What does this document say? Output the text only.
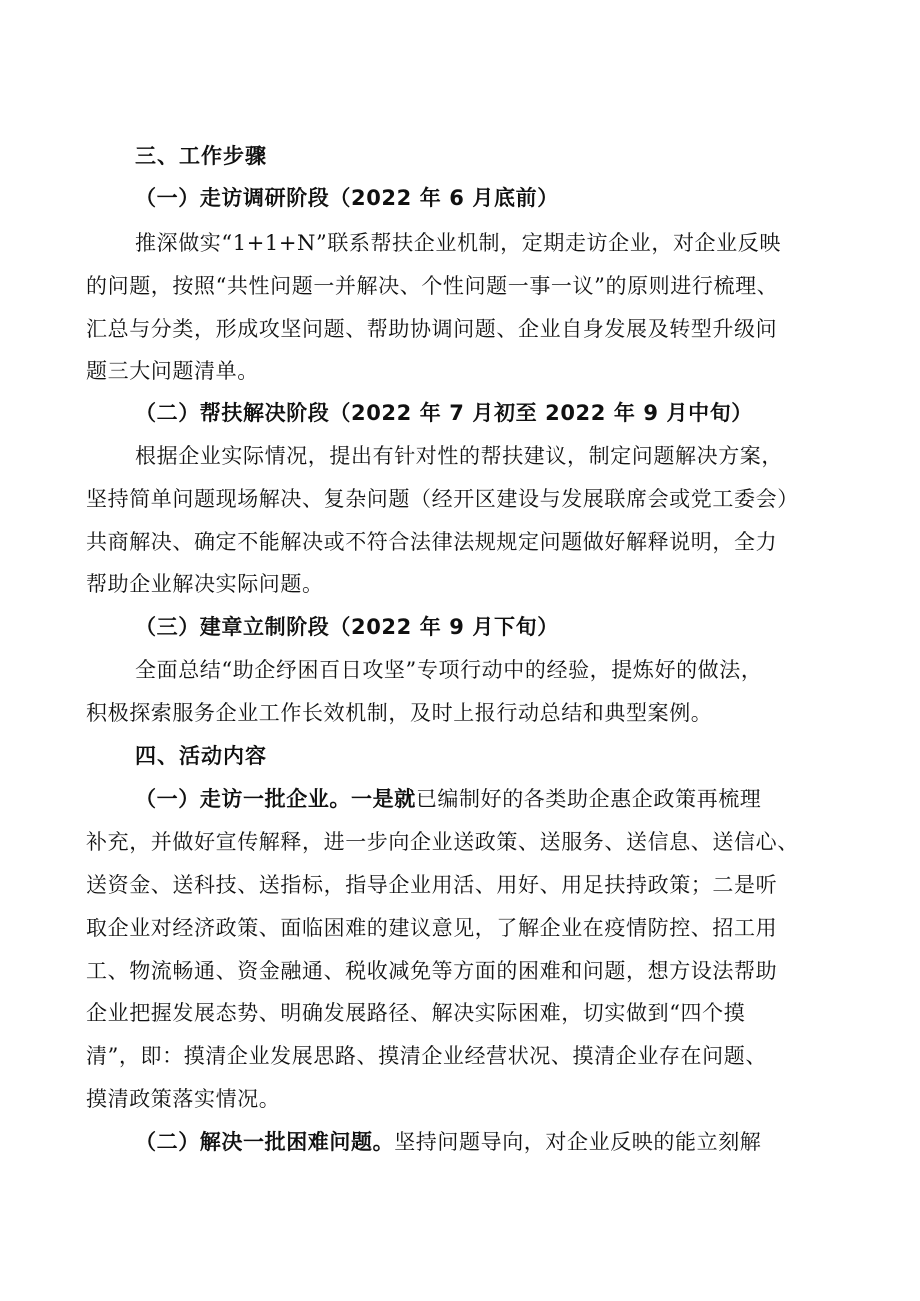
三、工作步骤
（一）走访调研阶段（2022 年 6 月底前）
推深做实“1+1+N”联系帮扶企业机制，定期走访企业，对企业反映
的问题，按照“共性问题一并解决、个性问题一事一议”的原则进行梳理、
汇总与分类，形成攻坚问题、帮助协调问题、企业自身发展及转型升级问
题三大问题清单。
（二）帮扶解决阶段（2022 年 7 月初至 2022 年 9 月中旬）
根据企业实际情况，提出有针对性的帮扶建议，制定问题解决方案，
坚持简单问题现场解决、复杂问题（经开区建设与发展联席会或党工委会）
共商解决、确定不能解决或不符合法律法规规定问题做好解释说明，全力
帮助企业解决实际问题。
（三）建章立制阶段（2022 年 9 月下旬）
全面总结“助企纾困百日攻坚”专项行动中的经验，提炼好的做法，
积极探索服务企业工作长效机制，及时上报行动总结和典型案例。
四、活动内容
（一）走访一批企业。一是就已编制好的各类助企惠企政策再梳理
补充，并做好宣传解释，进一步向企业送政策、送服务、送信息、送信心、
送资金、送科技、送指标，指导企业用活、用好、用足扶持政策；二是听
取企业对经济政策、面临困难的建议意见，了解企业在疫情防控、招工用
工、物流畅通、资金融通、税收减免等方面的困难和问题，想方设法帮助
企业把握发展态势、明确发展路径、解决实际困难，切实做到“四个摸
清”，即：摸清企业发展思路、摸清企业经营状况、摸清企业存在问题、
摸清政策落实情况。
（二）解决一批困难问题。坚持问题导向，对企业反映的能立刻解
